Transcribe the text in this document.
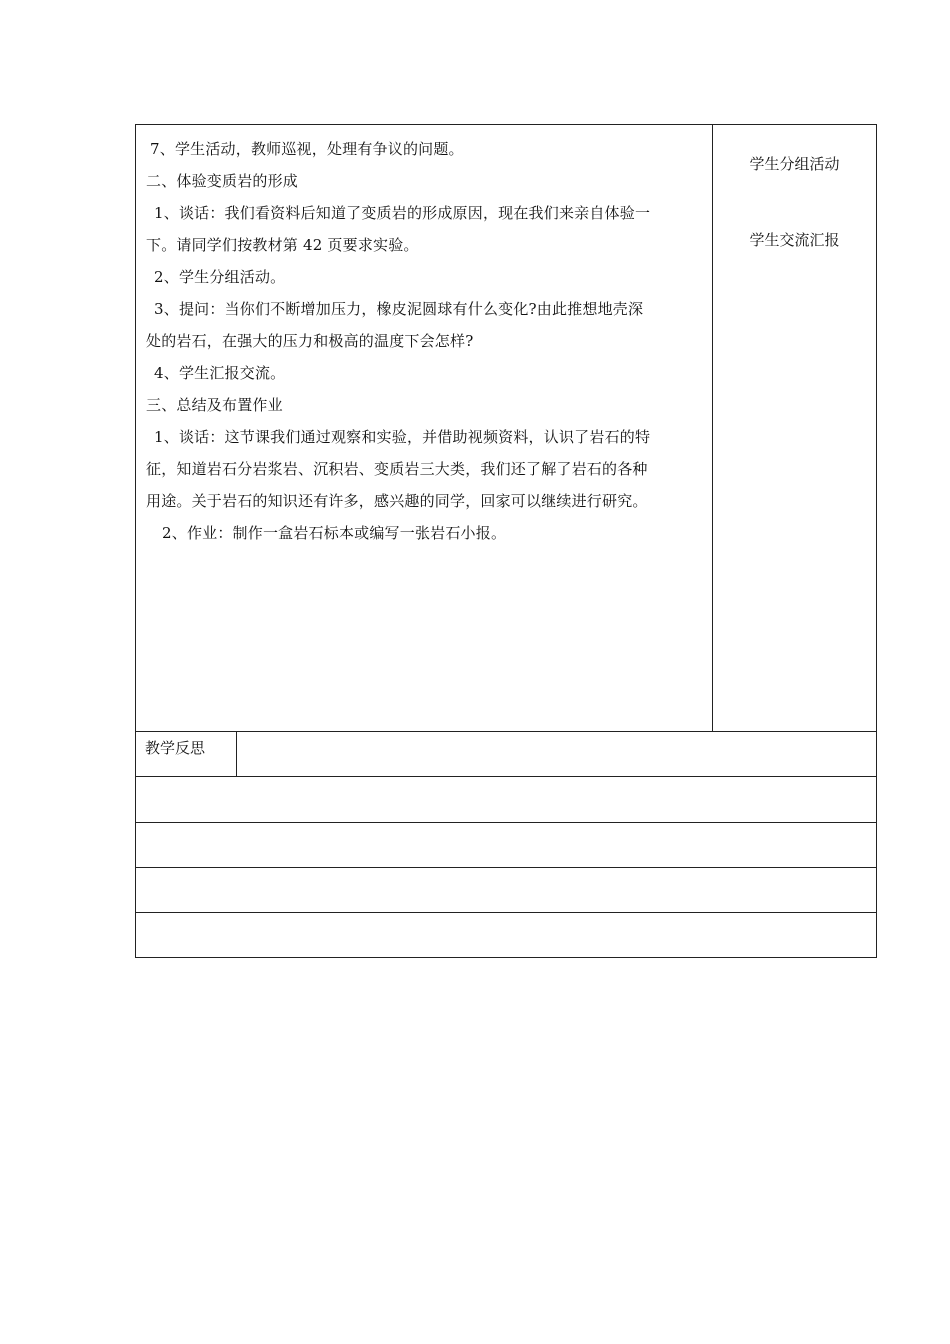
7、学生活动，教师巡视，处理有争议的问题。
二、体验变质岩的形成
1、谈话：我们看资料后知道了变质岩的形成原因，现在我们来亲自体验一
下。请同学们按教材第 42 页要求实验。
2、学生分组活动。
3、提问：当你们不断增加压力，橡皮泥圆球有什么变化?由此推想地壳深
处的岩石，在强大的压力和极高的温度下会怎样?
4、学生汇报交流。
三、总结及布置作业
1、谈话：这节课我们通过观察和实验，并借助视频资料，认识了岩石的特
征，知道岩石分岩浆岩、沉积岩、变质岩三大类，我们还了解了岩石的各种
用途。关于岩石的知识还有许多，感兴趣的同学，回家可以继续进行研究。
2、作业：制作一盒岩石标本或编写一张岩石小报。
学生分组活动
学生交流汇报
教学反思
